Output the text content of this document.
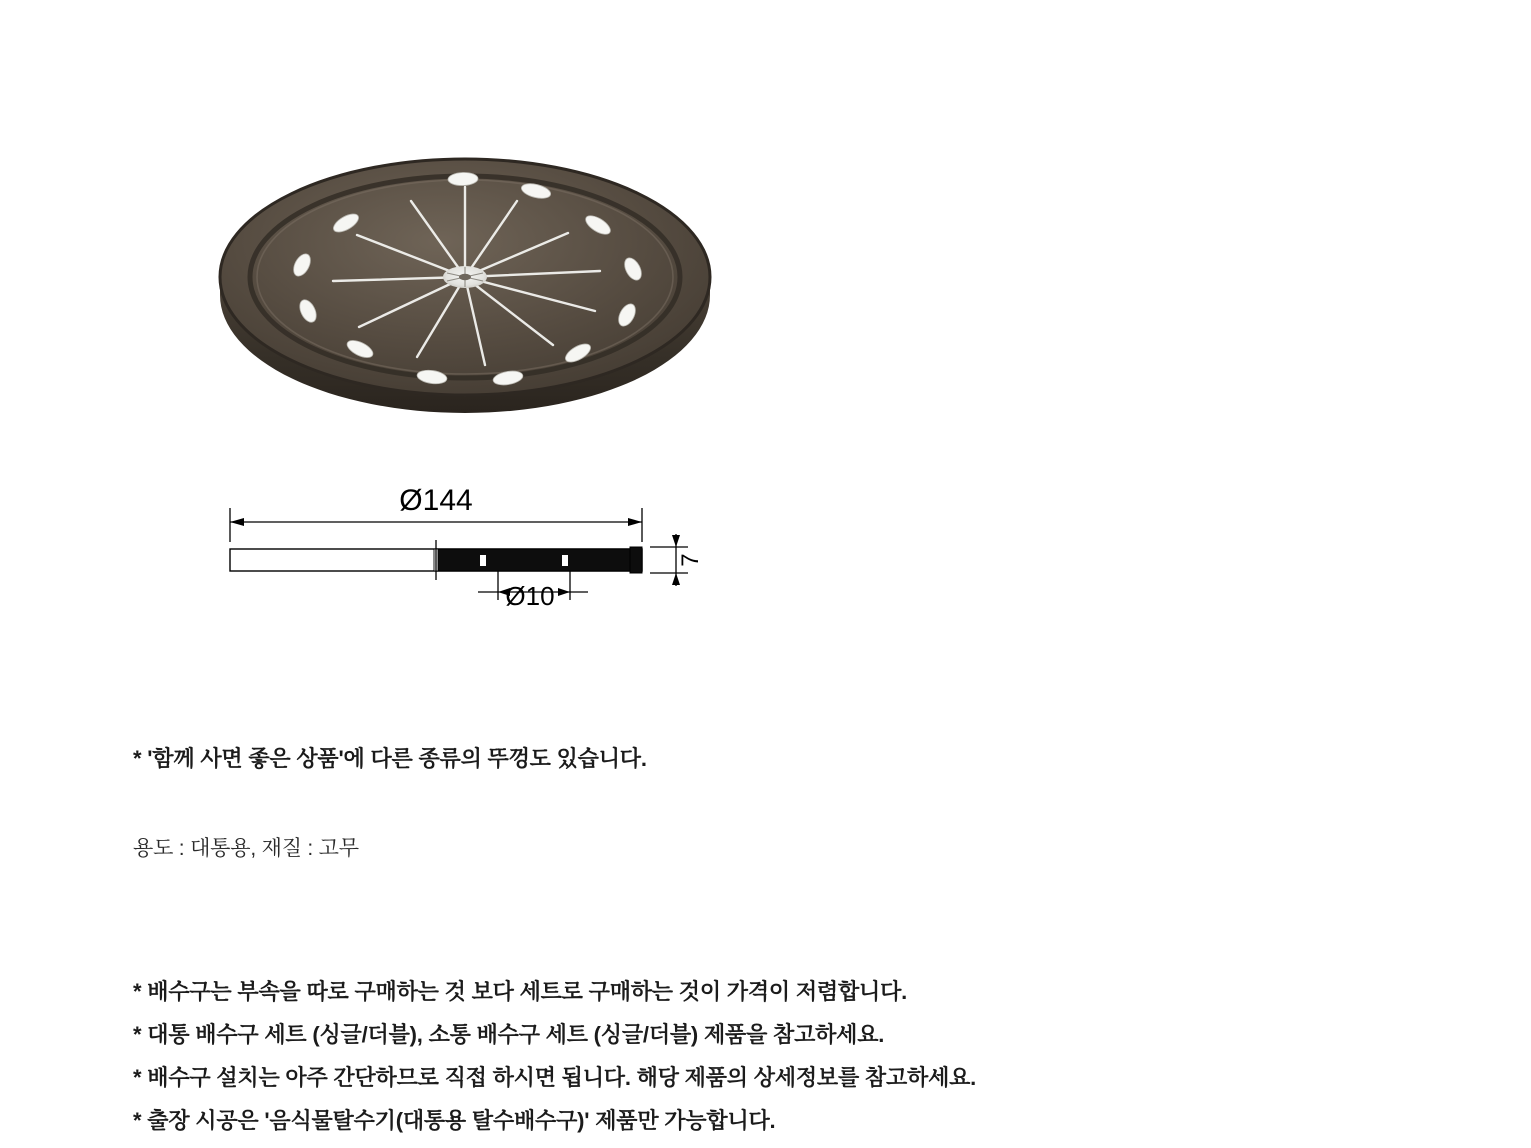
Ø144
Ø10
7
* '함께 사면 좋은 상품'에 다른 종류의 뚜껑도 있습니다.
용도 : 대통용, 재질 : 고무
* 배수구는 부속을 따로 구매하는 것 보다 세트로 구매하는 것이 가격이 저렴합니다.
* 대통 배수구 세트 (싱글/더블), 소통 배수구 세트 (싱글/더블) 제품을 참고하세요.
* 배수구 설치는 아주 간단하므로 직접 하시면 됩니다. 해당 제품의 상세정보를 참고하세요.
* 출장 시공은 '음식물탈수기(대통용 탈수배수구)' 제품만 가능합니다.
